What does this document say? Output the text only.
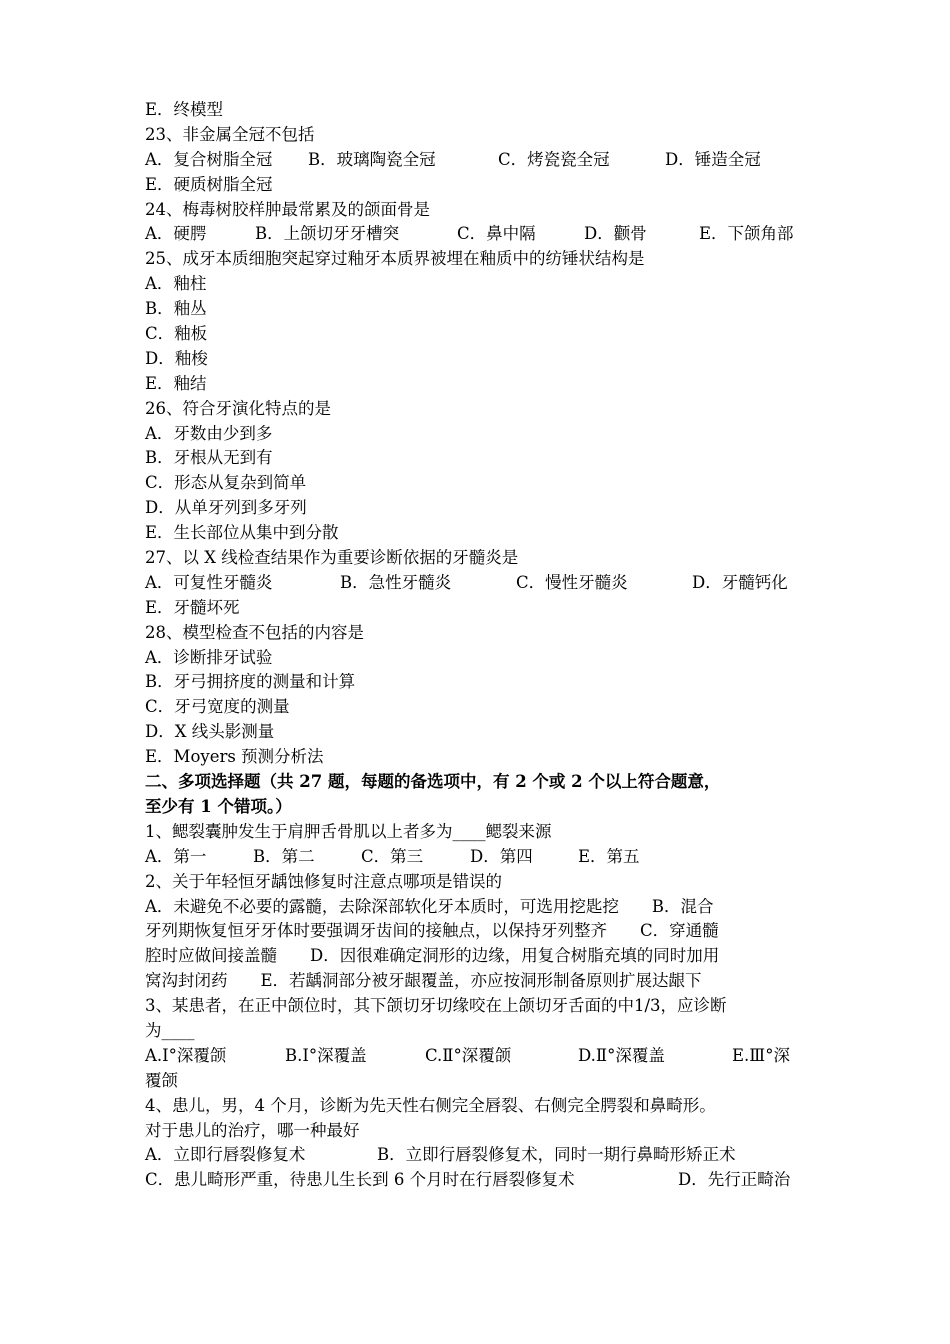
E．终模型
23、非金属全冠不包括
A．复合树脂全冠	B．玻璃陶瓷全冠	C．烤瓷瓷全冠	D．锤造全冠
E．硬质树脂全冠
24、梅毒树胶样肿最常累及的颌面骨是
A．硬腭	B．上颌切牙牙槽突	C．鼻中隔	D．颧骨	E．下颌角部
25、成牙本质细胞突起穿过釉牙本质界被埋在釉质中的纺锤状结构是
A．釉柱
B．釉丛
C．釉板
D．釉梭
E．釉结
26、符合牙演化特点的是
A．牙数由少到多
B．牙根从无到有
C．形态从复杂到简单
D．从单牙列到多牙列
E．生长部位从集中到分散
27、以 X 线检查结果作为重要诊断依据的牙髓炎是
A．可复性牙髓炎	B．急性牙髓炎	C．慢性牙髓炎	D．牙髓钙化
E．牙髓坏死
28、模型检查不包括的内容是
A．诊断排牙试验
B．牙弓拥挤度的测量和计算
C．牙弓宽度的测量
D．X 线头影测量
E．Moyers 预测分析法
二、多项选择题（共 27 题，每题的备选项中，有 2 个或 2 个以上符合题意，
至少有 1 个错项。）
1、鳃裂囊肿发生于肩胛舌骨肌以上者多为____鳃裂来源
A．第一	B．第二	C．第三	D．第四	E．第五
2、关于年轻恒牙龋蚀修复时注意点哪项是错误的
A．未避免不必要的露髓，去除深部软化牙本质时，可选用挖匙挖　　B．混合
牙列期恢复恒牙牙体时要强调牙齿间的接触点，以保持牙列整齐　　C．穿通髓
腔时应做间接盖髓　　D．因很难确定洞形的边缘，用复合树脂充填的同时加用
窝沟封闭药　　E．若龋洞部分被牙龈覆盖，亦应按洞形制备原则扩展达龈下
3、某患者，在正中颌位时，其下颌切牙切缘咬在上颌切牙舌面的中1/3，应诊断
为____
A.I°深覆颌	B.I°深覆盖	C.Ⅱ°深覆颌	D.Ⅱ°深覆盖	E.Ⅲ°深
覆颌
4、患儿，男，4 个月，诊断为先天性右侧完全唇裂、右侧完全腭裂和鼻畸形。
对于患儿的治疗，哪一种最好
A．立即行唇裂修复术	B．立即行唇裂修复术，同时一期行鼻畸形矫正术
C．患儿畸形严重，待患儿生长到 6 个月时在行唇裂修复术	D．先行正畸治
